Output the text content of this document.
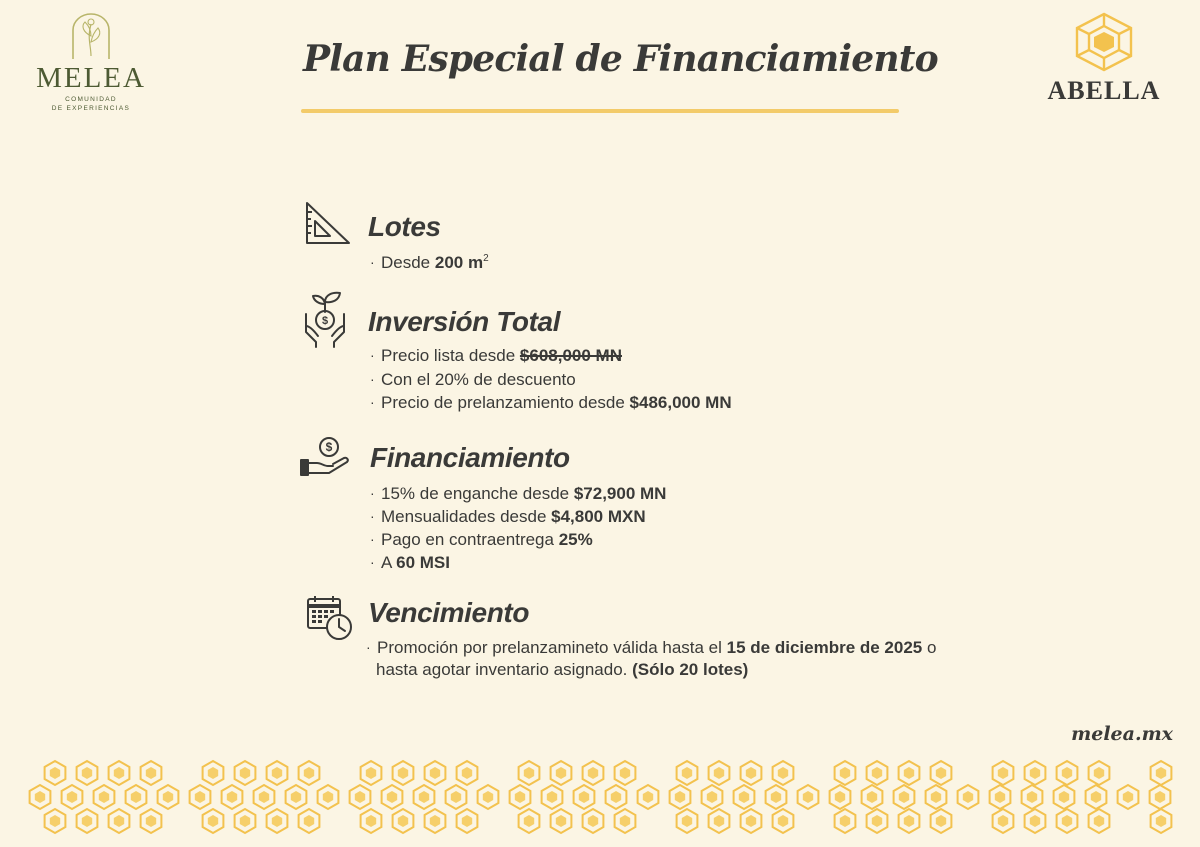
MELEA
COMUNIDAD
DE EXPERIENCIAS
Plan Especial de Financiamiento
ABELLA
Lotes
· Desde 200 $m^2$
$ Inversión Total
· Precio lista desde $608,000 MN
· Con el 20% de descuento
· Precio de prelanzamiento desde $486,000 MN
$ Financiamiento
· 15% de enganche desde $72,900 MN
· Mensualidades desde $4,800 MXN
· Pago en contraentrega 25%
· A 60 MSI
Vencimiento
· Promoción por prelanzamineto válida hasta el 15 de diciembre de 2025 o
hasta agotar inventario asignado. (Sólo 20 lotes)
melea.mx
